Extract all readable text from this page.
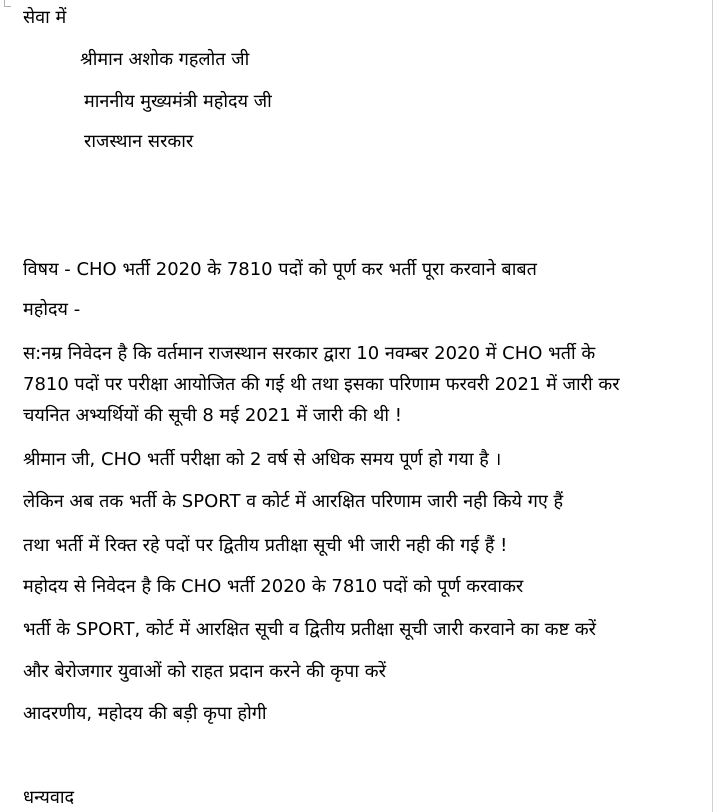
सेवा में
श्रीमान अशोक गहलोत जी
माननीय मुख्यमंत्री महोदय जी
राजस्थान सरकार
विषय - CHO भर्ती 2020 के 7810 पदों को पूर्ण कर भर्ती पूरा करवाने बाबत
महोदय -
स:नम्र निवेदन है कि वर्तमान राजस्थान सरकार द्वारा 10 नवम्बर 2020 में CHO भर्ती के
7810 पदों पर परीक्षा आयोजित की गई थी तथा इसका परिणाम फरवरी 2021 में जारी कर
चयनित अभ्यर्थियों की सूची 8 मई 2021 में जारी की थी !
श्रीमान जी, CHO भर्ती परीक्षा को 2 वर्ष से अधिक समय पूर्ण हो गया है ।
लेकिन अब तक भर्ती के SPORT व कोर्ट में आरक्षित परिणाम जारी नही किये गए हैं
तथा भर्ती में रिक्त रहे पदों पर द्वितीय प्रतीक्षा सूची भी जारी नही की गई हैं !
महोदय से निवेदन है कि CHO भर्ती 2020 के 7810 पदों को पूर्ण करवाकर
भर्ती के SPORT, कोर्ट में आरक्षित सूची व द्वितीय प्रतीक्षा सूची जारी करवाने का कष्ट करें
और बेरोजगार युवाओं को राहत प्रदान करने की कृपा करें
आदरणीय, महोदय की बड़ी कृपा होगी
धन्यवाद
